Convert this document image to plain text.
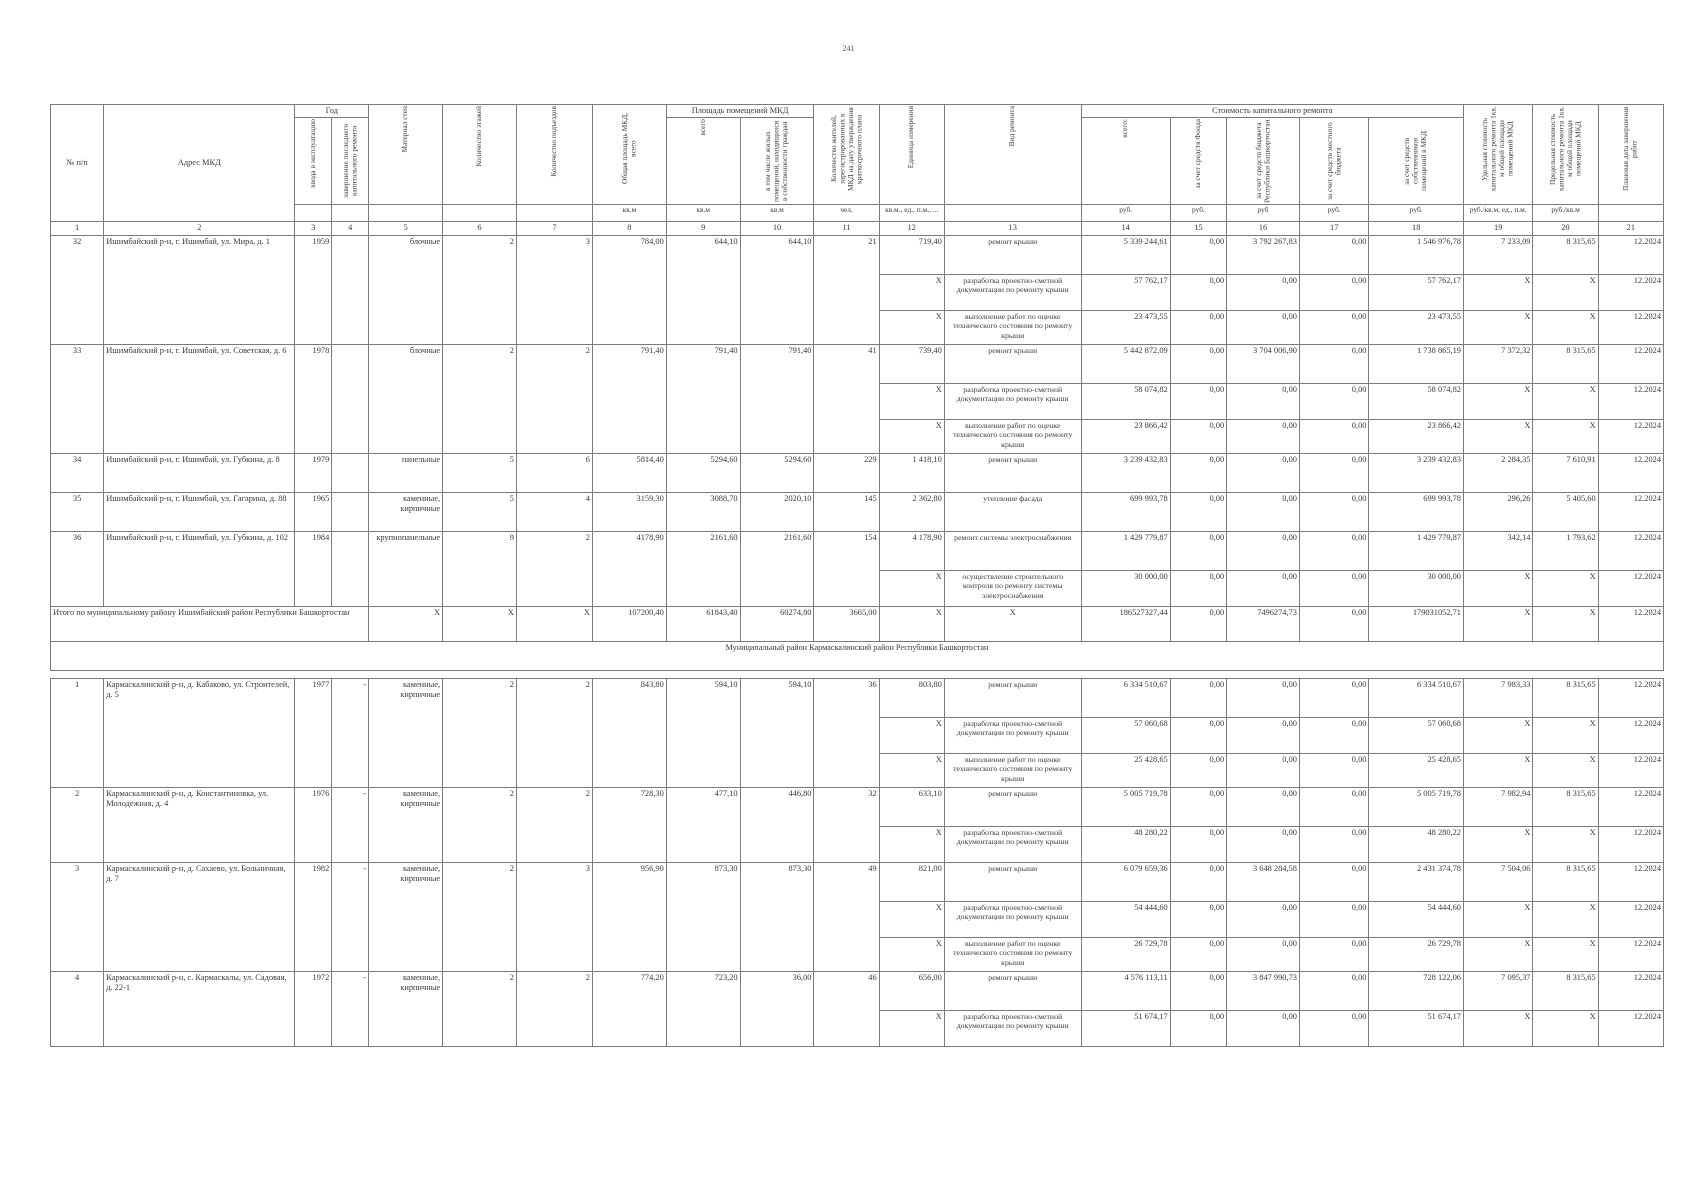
241
№ п/п	Адрес МКД	Год		Материал стен	Количество этажей	Количество подъездов	Общая площадь МКД, всего	Площадь помещений МКД		Количество жителей, зарегистрированных в МКД на дату утверждения краткосрочного плана	Единица измерения	Вид ремонта	Стоимость капитального ремонта					Удельная стоимость капитального ремонта 1кв. м общей площади помещений МКД	Предельная стоимость капитального ремонта 1кв. м общей площади помещений МКД	Плановая дата завершения работ

		ввода в эксплуатацию	завершение последнего капитального ремонта					всего	в том числе жилых помещений, находящихся в собственности граждан				всего:	за счет средств Фонда	за счет средств бюджета Республики Башкортостан	за счет средств местного бюджета	за счет средств собственников помещений в МКД			

							кв.м	кв.м	кв.м	чел.	кв.м., ед., п.м., ...		руб.	руб.	руб	руб.	руб.	руб./кв.м, ед., п.м.	руб./кв.м	
1	2	3	4	5	6	7	8	9	10	11	12	13	14	15	16	17	18	19	20	21
32	Ишимбайский р-н, г. Ишимбай, ул. Мира, д. 1	1959		блочные	2	3	784,00	644,10	644,10	21	719,40	ремонт крыши	5 339 244,61	0,00	3 792 267,83	0,00	1 546 976,78	7 233,09	8 315,65	12.2024
											X	разработка проектно-сметной документации по ремонту крыши	57 762,17	0,00	0,00	0,00	57 762,17	X	X	12.2024
											X	выполнение работ по оценке технического состояния по ремонту крыши	23 473,55	0,00	0,00	0,00	23 473,55	X	X	12.2024
33	Ишимбайский р-н, г. Ишимбай, ул. Советская, д. 6	1978		блочные	2	2	791,40	791,40	791,40	41	739,40	ремонт крыши	5 442 872,09	0,00	3 704 006,90	0,00	1 738 865,19	7 372,32	8 315,65	12.2024
											X	разработка проектно-сметной документации по ремонту крыши	58 074,82	0,00	0,00	0,00	58 074,82	X	X	12.2024
											X	выполнение работ по оценке технического состояния по ремонту крыши	23 866,42	0,00	0,00	0,00	23 866,42	X	X	12.2024
34	Ишимбайский р-н, г. Ишимбай, ул. Губкина, д. 8	1979		панельные	5	6	5814,40	5294,60	5294,60	229	1 418,10	ремонт крыши	3 239 432,83	0,00	0,00	0,00	3 239 432,83	2 284,35	7 610,91	12.2024
35	Ишимбайский р-н, г. Ишимбай, ул. Гагарина, д. 88	1965		каменные, кирпичные	5	4	3159,30	3088,70	2020,10	145	2 362,80	утепление фасада	699 993,78	0,00	0,00	0,00	699 993,78	296,26	5 405,60	12.2024
36	Ишимбайский р-н, г. Ишимбай, ул. Губкина, д. 102	1984		крупнопанельные	9	2	4178,90	2161,60	2161,60	154	4 178,90	ремонт системы электроснабжения	1 429 779,87	0,00	0,00	0,00	1 429 779,87	342,14	1 793,62	12.2024
											X	осуществление строительного контроля по ремонту системы электроснабжения	30 000,00	0,00	0,00	0,00	30 000,00	X	X	12.2024
Итого по муниципальному району Ишимбайский район Республики Башкортостан				X	X	X	107200,40	61843,40	60274,80	3665,00	X	X	186527327,44	0,00	7496274,73	0,00	179031052,71	X	X	12.2024
Муниципальный район Кармаскалинский район Республики Башкортостан																				

1	Кармаскалинский р-н, д. Кабаково, ул. Строителей, д. 5	1977	-	каменные, кирпичные	2	2	843,80	594,10	594,10	36	803,80	ремонт крыши	6 334 510,67	0,00	0,00	0,00	6 334 510,67	7 983,33	8 315,65	12.2024
											X	разработка проектно-сметной документации по ремонту крыши	57 060,68	0,00	0,00	0,00	57 060,68	X	X	12.2024
											X	выполнение работ по оценке технического состояния по ремонту крыши	25 428,65	0,00	0,00	0,00	25 428,65	X	X	12.2024
2	Кармаскалинский р-н, д. Константиновка, ул. Молодежная, д. 4	1976	-	каменные, кирпичные	2	2	728,30	477,10	446,80	32	633,10	ремонт крыши	5 005 719,78	0,00	0,00	0,00	5 005 719,78	7 982,94	8 315,65	12.2024
											X	разработка проектно-сметной документации по ремонту крыши	48 280,22	0,00	0,00	0,00	48 280,22	X	X	12.2024
3	Кармаскалинский р-н, д. Сахаево, ул. Больничная, д. 7	1982	-	каменные, кирпичные	2	3	956,90	873,30	873,30	49	821,00	ремонт крыши	6 079 659,36	0,00	3 648 284,58	0,00	2 431 374,78	7 504,06	8 315,65	12.2024
											X	разработка проектно-сметной документации по ремонту крыши	54 444,60	0,00	0,00	0,00	54 444,60	X	X	12.2024
											X	выполнение работ по оценке технического состояния по ремонту крыши	26 729,78	0,00	0,00	0,00	26 729,78	X	X	12.2024
4	Кармаскалинский р-н, с. Кармаскалы, ул. Садовая, д. 22-1	1972	-	каменные, кирпичные	2	2	774,20	723,20	36,00	46	656,00	ремонт крыши	4 576 113,11	0,00	3 847 990,73	0,00	728 122,06	7 095,37	8 315,65	12.2024
											X	разработка проектно-сметной документации по ремонту крыши	51 674,17	0,00	0,00	0,00	51 674,17	X	X	12.2024
